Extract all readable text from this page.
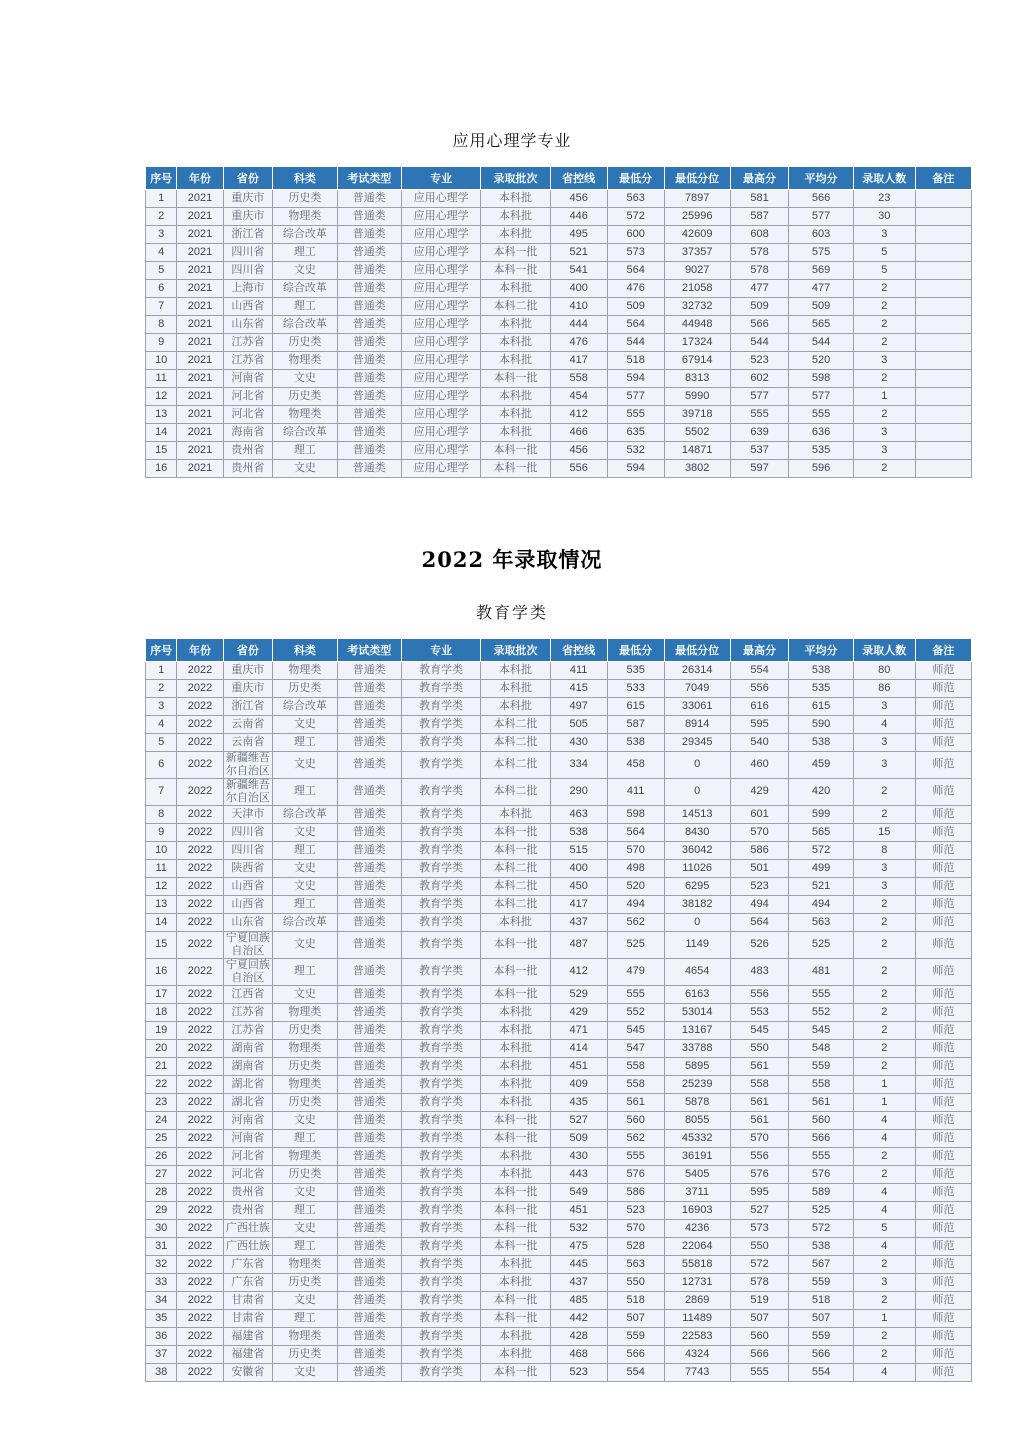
应用心理学专业
序号	年份	省份	科类	考试类型	专业	录取批次	省控线	最低分	最低分位	最高分	平均分	录取人数	备注
1	2021	重庆市	历史类	普通类	应用心理学	本科批	456	563	7897	581	566	23	
2	2021	重庆市	物理类	普通类	应用心理学	本科批	446	572	25996	587	577	30	
3	2021	浙江省	综合改革	普通类	应用心理学	本科批	495	600	42609	608	603	3	
4	2021	四川省	理工	普通类	应用心理学	本科一批	521	573	37357	578	575	5	
5	2021	四川省	文史	普通类	应用心理学	本科一批	541	564	9027	578	569	5	
6	2021	上海市	综合改革	普通类	应用心理学	本科批	400	476	21058	477	477	2	
7	2021	山西省	理工	普通类	应用心理学	本科二批	410	509	32732	509	509	2	
8	2021	山东省	综合改革	普通类	应用心理学	本科批	444	564	44948	566	565	2	
9	2021	江苏省	历史类	普通类	应用心理学	本科批	476	544	17324	544	544	2	
10	2021	江苏省	物理类	普通类	应用心理学	本科批	417	518	67914	523	520	3	
11	2021	河南省	文史	普通类	应用心理学	本科一批	558	594	8313	602	598	2	
12	2021	河北省	历史类	普通类	应用心理学	本科批	454	577	5990	577	577	1	
13	2021	河北省	物理类	普通类	应用心理学	本科批	412	555	39718	555	555	2	
14	2021	海南省	综合改革	普通类	应用心理学	本科批	466	635	5502	639	636	3	
15	2021	贵州省	理工	普通类	应用心理学	本科一批	456	532	14871	537	535	3	
16	2021	贵州省	文史	普通类	应用心理学	本科一批	556	594	3802	597	596	2	
2022 年录取情况
教育学类
序号	年份	省份	科类	考试类型	专业	录取批次	省控线	最低分	最低分位	最高分	平均分	录取人数	备注
1	2022	重庆市	物理类	普通类	教育学类	本科批	411	535	26314	554	538	80	师范
2	2022	重庆市	历史类	普通类	教育学类	本科批	415	533	7049	556	535	86	师范
3	2022	浙江省	综合改革	普通类	教育学类	本科批	497	615	33061	616	615	3	师范
4	2022	云南省	文史	普通类	教育学类	本科二批	505	587	8914	595	590	4	师范
5	2022	云南省	理工	普通类	教育学类	本科二批	430	538	29345	540	538	3	师范
6	2022	新疆维吾尔自治区	文史	普通类	教育学类	本科二批	334	458	0	460	459	3	师范
7	2022	新疆维吾尔自治区	理工	普通类	教育学类	本科二批	290	411	0	429	420	2	师范
8	2022	天津市	综合改革	普通类	教育学类	本科批	463	598	14513	601	599	2	师范
9	2022	四川省	文史	普通类	教育学类	本科一批	538	564	8430	570	565	15	师范
10	2022	四川省	理工	普通类	教育学类	本科一批	515	570	36042	586	572	8	师范
11	2022	陕西省	文史	普通类	教育学类	本科二批	400	498	11026	501	499	3	师范
12	2022	山西省	文史	普通类	教育学类	本科二批	450	520	6295	523	521	3	师范
13	2022	山西省	理工	普通类	教育学类	本科二批	417	494	38182	494	494	2	师范
14	2022	山东省	综合改革	普通类	教育学类	本科批	437	562	0	564	563	2	师范
15	2022	宁夏回族自治区	文史	普通类	教育学类	本科一批	487	525	1149	526	525	2	师范
16	2022	宁夏回族自治区	理工	普通类	教育学类	本科一批	412	479	4654	483	481	2	师范
17	2022	江西省	文史	普通类	教育学类	本科一批	529	555	6163	556	555	2	师范
18	2022	江苏省	物理类	普通类	教育学类	本科批	429	552	53014	553	552	2	师范
19	2022	江苏省	历史类	普通类	教育学类	本科批	471	545	13167	545	545	2	师范
20	2022	湖南省	物理类	普通类	教育学类	本科批	414	547	33788	550	548	2	师范
21	2022	湖南省	历史类	普通类	教育学类	本科批	451	558	5895	561	559	2	师范
22	2022	湖北省	物理类	普通类	教育学类	本科批	409	558	25239	558	558	1	师范
23	2022	湖北省	历史类	普通类	教育学类	本科批	435	561	5878	561	561	1	师范
24	2022	河南省	文史	普通类	教育学类	本科一批	527	560	8055	561	560	4	师范
25	2022	河南省	理工	普通类	教育学类	本科一批	509	562	45332	570	566	4	师范
26	2022	河北省	物理类	普通类	教育学类	本科批	430	555	36191	556	555	2	师范
27	2022	河北省	历史类	普通类	教育学类	本科批	443	576	5405	576	576	2	师范
28	2022	贵州省	文史	普通类	教育学类	本科一批	549	586	3711	595	589	4	师范
29	2022	贵州省	理工	普通类	教育学类	本科一批	451	523	16903	527	525	4	师范
30	2022	广西壮族	文史	普通类	教育学类	本科一批	532	570	4236	573	572	5	师范
31	2022	广西壮族	理工	普通类	教育学类	本科一批	475	528	22064	550	538	4	师范
32	2022	广东省	物理类	普通类	教育学类	本科批	445	563	55818	572	567	2	师范
33	2022	广东省	历史类	普通类	教育学类	本科批	437	550	12731	578	559	3	师范
34	2022	甘肃省	文史	普通类	教育学类	本科一批	485	518	2869	519	518	2	师范
35	2022	甘肃省	理工	普通类	教育学类	本科一批	442	507	11489	507	507	1	师范
36	2022	福建省	物理类	普通类	教育学类	本科批	428	559	22583	560	559	2	师范
37	2022	福建省	历史类	普通类	教育学类	本科批	468	566	4324	566	566	2	师范
38	2022	安徽省	文史	普通类	教育学类	本科一批	523	554	7743	555	554	4	师范
